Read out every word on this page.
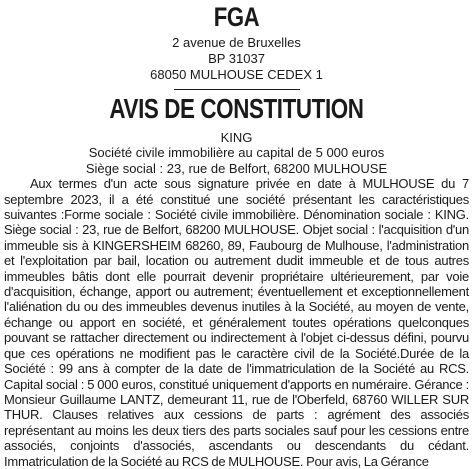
FGA
2 avenue de Bruxelles
BP 31037
68050 MULHOUSE CEDEX 1
AVIS DE CONSTITUTION
KING
Société civile immobilière au capital de 5 000 euros
Siège social : 23, rue de Belfort, 68200 MULHOUSE

Aux termes d'un acte sous signature privée en date à MULHOUSE du 7 septembre 2023, il a été constitué une société présentant les caractéristiques suivantes :Forme sociale : Société civile immobilière. Dénomination sociale : KING. Siège social : 23, rue de Belfort, 68200 MULHOUSE. Objet social : l'acquisition d'un immeuble sis à KINGERSHEIM 68260, 89, Faubourg de Mulhouse, l'administration et l'exploitation par bail, location ou autrement dudit immeuble et de tous autres immeubles bâtis dont elle pourrait devenir propriétaire ultérieurement, par voie d'acquisition, échange, apport ou autrement; éventuellement et exceptionnellement l'aliénation du ou des immeubles devenus inutiles à la Société, au moyen de vente, échange ou apport en société, et généralement toutes opérations quelconques pouvant se rattacher directement ou indirectement à l'objet ci-dessus défini, pourvu que ces opérations ne modifient pas le caractère civil de la Société.Durée de la Société : 99 ans à compter de la date de l'immatriculation de la Société au RCS. Capital social : 5 000 euros, constitué uniquement d'apports en numéraire. Gérance : Monsieur Guillaume LANTZ, demeurant 11, rue de l'Oberfeld, 68760 WILLER SUR THUR. Clauses relatives aux cessions de parts : agrément des associés représentant au moins les deux tiers des parts sociales sauf pour les cessions entre associés, conjoints d'associés, ascendants ou descendants du cédant. Immatriculation de la Société au RCS de MULHOUSE. Pour avis, La Gérance
